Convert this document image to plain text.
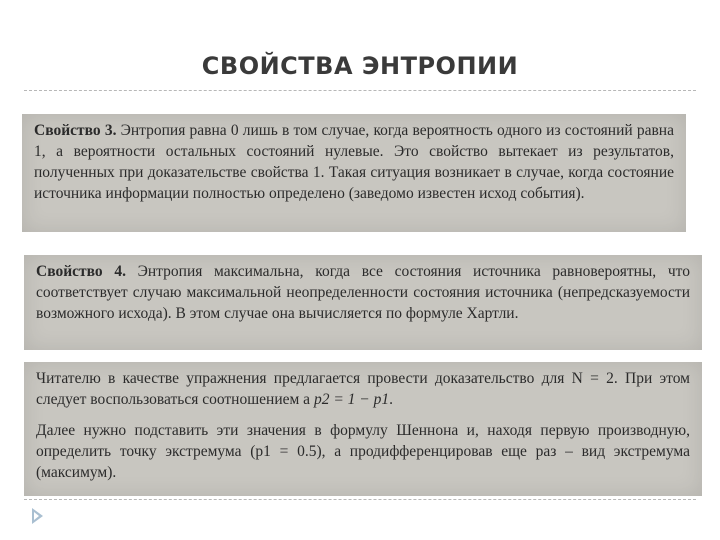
СВОЙСТВА ЭНТРОПИИ

Свойство 3. Энтропия равна 0 лишь в том случае, когда вероятность одного из состояний равна 1, а вероятности остальных состояний нулевые. Это свойство вытекает из результатов, полученных при доказательстве свойства 1. Такая ситуация возникает в случае, когда состояние источника информации полностью определено (заведомо известен исход события).

Свойство 4. Энтропия максимальна, когда все состояния источника равновероятны, что соответствует случаю максимальной неопределенности состояния источника (непредсказуемости возможного исхода). В этом случае она вычисляется по формуле Хартли.

Читателю в качестве упражнения предлагается провести доказательство для N = 2. При этом следует воспользоваться соотношением а p2 = 1 − p1.

Далее нужно подставить эти значения в формулу Шеннона и, находя первую производную, определить точку экстремума (p1 = 0.5), а продифференцировав еще раз – вид экстремума (максимум).
